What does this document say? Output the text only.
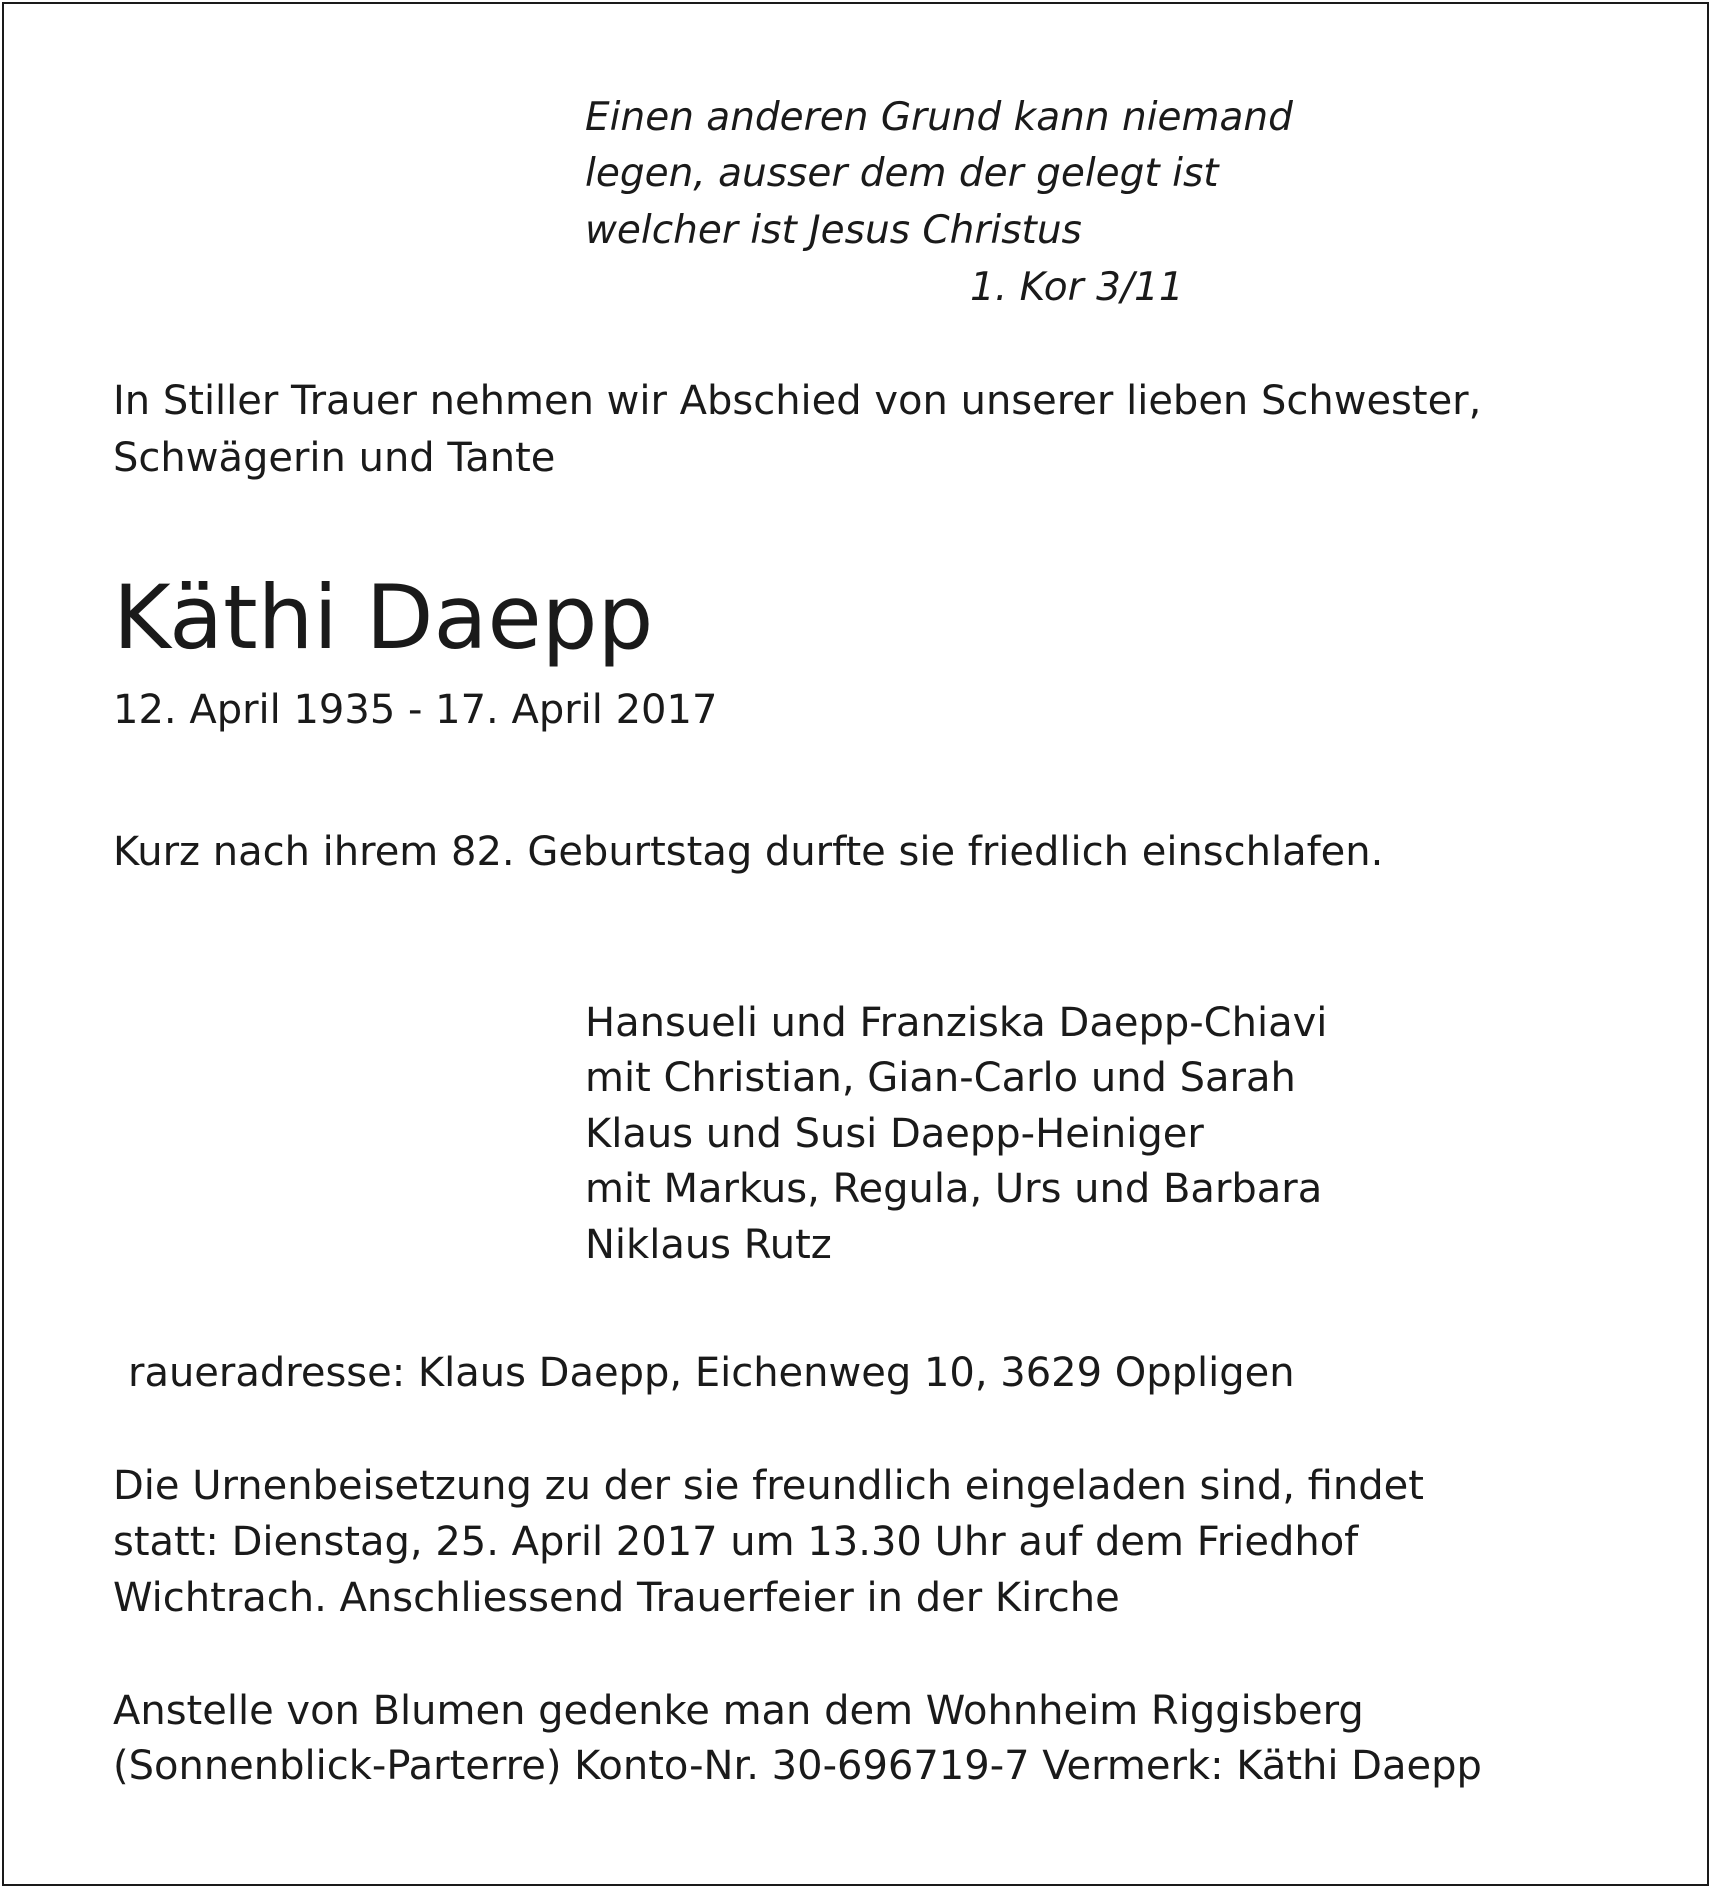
Einen anderen Grund kann niemand
legen, ausser dem der gelegt ist
welcher ist Jesus Christus
1. Kor 3/11
In Stiller Trauer nehmen wir Abschied von unserer lieben Schwester,
Schwägerin und Tante
Käthi Daepp
12. April 1935 - 17. April 2017
Kurz nach ihrem 82. Geburtstag durfte sie friedlich einschlafen.
Hansueli und Franziska Daepp-Chiavi
mit Christian, Gian-Carlo und Sarah
Klaus und Susi Daepp-Heiniger
mit Markus, Regula, Urs und Barbara
Niklaus Rutz
raueradresse: Klaus Daepp, Eichenweg 10, 3629 Oppligen
Die Urnenbeisetzung zu der sie freundlich eingeladen sind, findet
statt: Dienstag, 25. April 2017 um 13.30 Uhr auf dem Friedhof
Wichtrach. Anschliessend Trauerfeier in der Kirche
Anstelle von Blumen gedenke man dem Wohnheim Riggisberg
(Sonnenblick-Parterre) Konto-Nr. 30-696719-7 Vermerk: Käthi Daepp
